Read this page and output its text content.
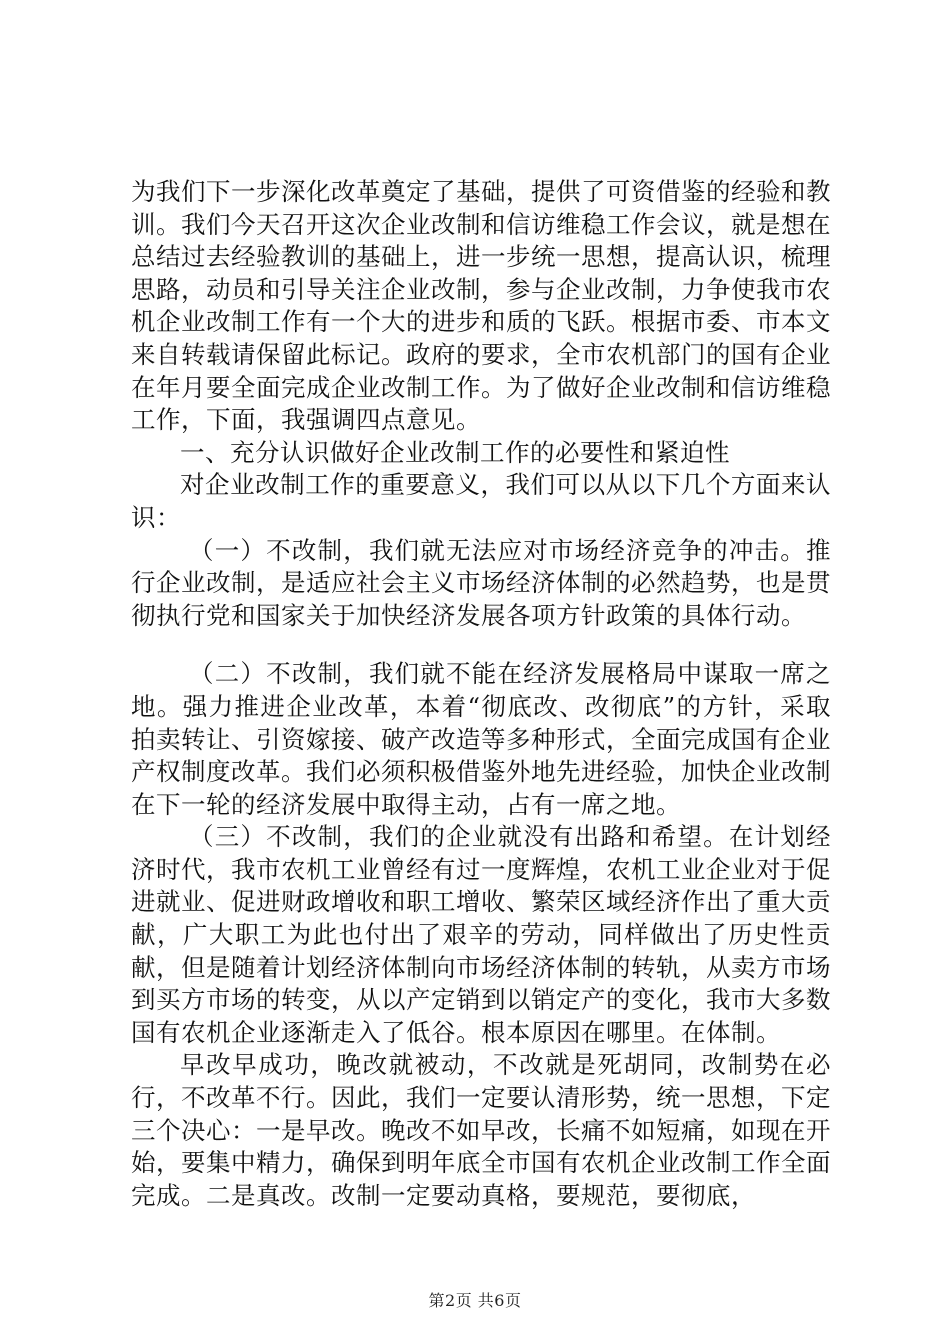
为我们下一步深化改革奠定了基础，提供了可资借鉴的经验和教训。我们今天召开这次企业改制和信访维稳工作会议，就是想在总结过去经验教训的基础上，进一步统一思想，提高认识，梳理思路，动员和引导关注企业改制，参与企业改制，力争使我市农机企业改制工作有一个大的进步和质的飞跃。根据市委、市本文来自转载请保留此标记。政府的要求，全市农机部门的国有企业在年月要全面完成企业改制工作。为了做好企业改制和信访维稳工作，下面，我强调四点意见。

一、充分认识做好企业改制工作的必要性和紧迫性

对企业改制工作的重要意义，我们可以从以下几个方面来认识：

（一）不改制，我们就无法应对市场经济竞争的冲击。推行企业改制，是适应社会主义市场经济体制的必然趋势，也是贯彻执行党和国家关于加快经济发展各项方针政策的具体行动。

（二）不改制，我们就不能在经济发展格局中谋取一席之地。强力推进企业改革，本着“彻底改、改彻底”的方针，采取拍卖转让、引资嫁接、破产改造等多种形式，全面完成国有企业产权制度改革。我们必须积极借鉴外地先进经验，加快企业改制在下一轮的经济发展中取得主动，占有一席之地。

（三）不改制，我们的企业就没有出路和希望。在计划经济时代，我市农机工业曾经有过一度辉煌，农机工业企业对于促进就业、促进财政增收和职工增收、繁荣区域经济作出了重大贡献，广大职工为此也付出了艰辛的劳动，同样做出了历史性贡献，但是随着计划经济体制向市场经济体制的转轨，从卖方市场到买方市场的转变，从以产定销到以销定产的变化，我市大多数国有农机企业逐渐走入了低谷。根本原因在哪里。在体制。

早改早成功，晚改就被动，不改就是死胡同，改制势在必行，不改革不行。因此，我们一定要认清形势，统一思想，下定三个决心：一是早改。晚改不如早改，长痛不如短痛，如现在开始，要集中精力，确保到明年底全市国有农机企业改制工作全面完成。二是真改。改制一定要动真格，要规范，要彻底，

第2页 共6页
